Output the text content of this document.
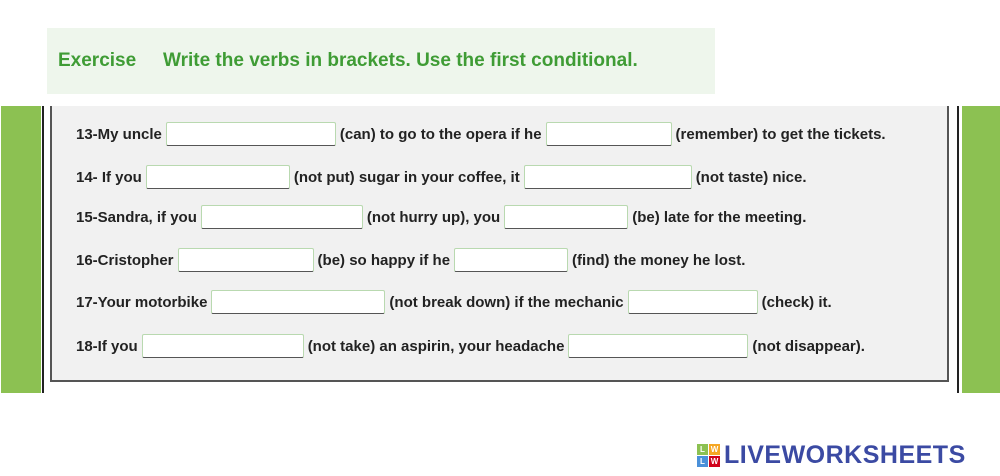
Exercise Write the verbs in brackets. Use the first conditional.
13-My uncle	(can) to go to the opera if he	(remember) to get the tickets.
14- If you	(not put) sugar in your coffee, it	(not taste) nice.
15-Sandra, if you	(not hurry up), you	(be) late for the meeting.
16-Cristopher	(be) so happy if he	(find) the money he lost.
17-Your motorbike	(not break down) if the mechanic	(check) it.
18-If you	(not take) an aspirin, your headache	(not disappear).
L W
L W LIVEWORKSHEETS
